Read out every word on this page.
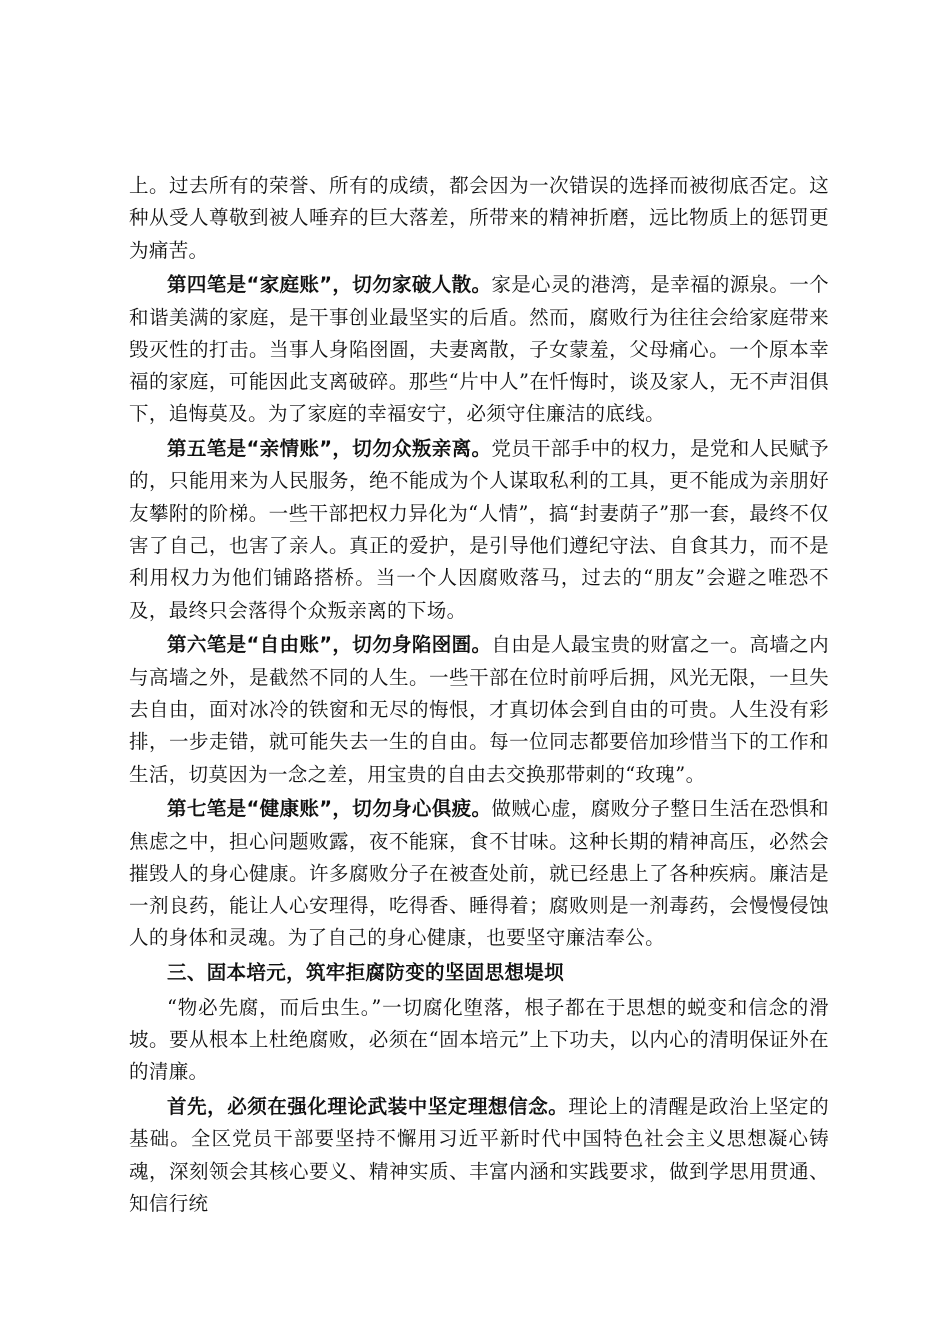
上。过去所有的荣誉、所有的成绩，都会因为一次错误的选择而被彻底否定。这种从受人尊敬到被人唾弃的巨大落差，所带来的精神折磨，远比物质上的惩罚更为痛苦。

第四笔是“家庭账”，切勿家破人散。家是心灵的港湾，是幸福的源泉。一个和谐美满的家庭，是干事创业最坚实的后盾。然而，腐败行为往往会给家庭带来毁灭性的打击。当事人身陷囹圄，夫妻离散，子女蒙羞，父母痛心。一个原本幸福的家庭，可能因此支离破碎。那些“片中人”在忏悔时，谈及家人，无不声泪俱下，追悔莫及。为了家庭的幸福安宁，必须守住廉洁的底线。

第五笔是“亲情账”，切勿众叛亲离。党员干部手中的权力，是党和人民赋予的，只能用来为人民服务，绝不能成为个人谋取私利的工具，更不能成为亲朋好友攀附的阶梯。一些干部把权力异化为“人情”，搞“封妻荫子”那一套，最终不仅害了自己，也害了亲人。真正的爱护，是引导他们遵纪守法、自食其力，而不是利用权力为他们铺路搭桥。当一个人因腐败落马，过去的“朋友”会避之唯恐不及，最终只会落得个众叛亲离的下场。

第六笔是“自由账”，切勿身陷囹圄。自由是人最宝贵的财富之一。高墙之内与高墙之外，是截然不同的人生。一些干部在位时前呼后拥，风光无限，一旦失去自由，面对冰冷的铁窗和无尽的悔恨，才真切体会到自由的可贵。人生没有彩排，一步走错，就可能失去一生的自由。每一位同志都要倍加珍惜当下的工作和生活，切莫因为一念之差，用宝贵的自由去交换那带刺的“玫瑰”。

第七笔是“健康账”，切勿身心俱疲。做贼心虚，腐败分子整日生活在恐惧和焦虑之中，担心问题败露，夜不能寐，食不甘味。这种长期的精神高压，必然会摧毁人的身心健康。许多腐败分子在被查处前，就已经患上了各种疾病。廉洁是一剂良药，能让人心安理得，吃得香、睡得着；腐败则是一剂毒药，会慢慢侵蚀人的身体和灵魂。为了自己的身心健康，也要坚守廉洁奉公。

三、固本培元，筑牢拒腐防变的坚固思想堤坝

“物必先腐，而后虫生。”一切腐化堕落，根子都在于思想的蜕变和信念的滑坡。要从根本上杜绝腐败，必须在“固本培元”上下功夫，以内心的清明保证外在的清廉。

首先，必须在强化理论武装中坚定理想信念。理论上的清醒是政治上坚定的基础。全区党员干部要坚持不懈用习近平新时代中国特色社会主义思想凝心铸魂，深刻领会其核心要义、精神实质、丰富内涵和实践要求，做到学思用贯通、知信行统
